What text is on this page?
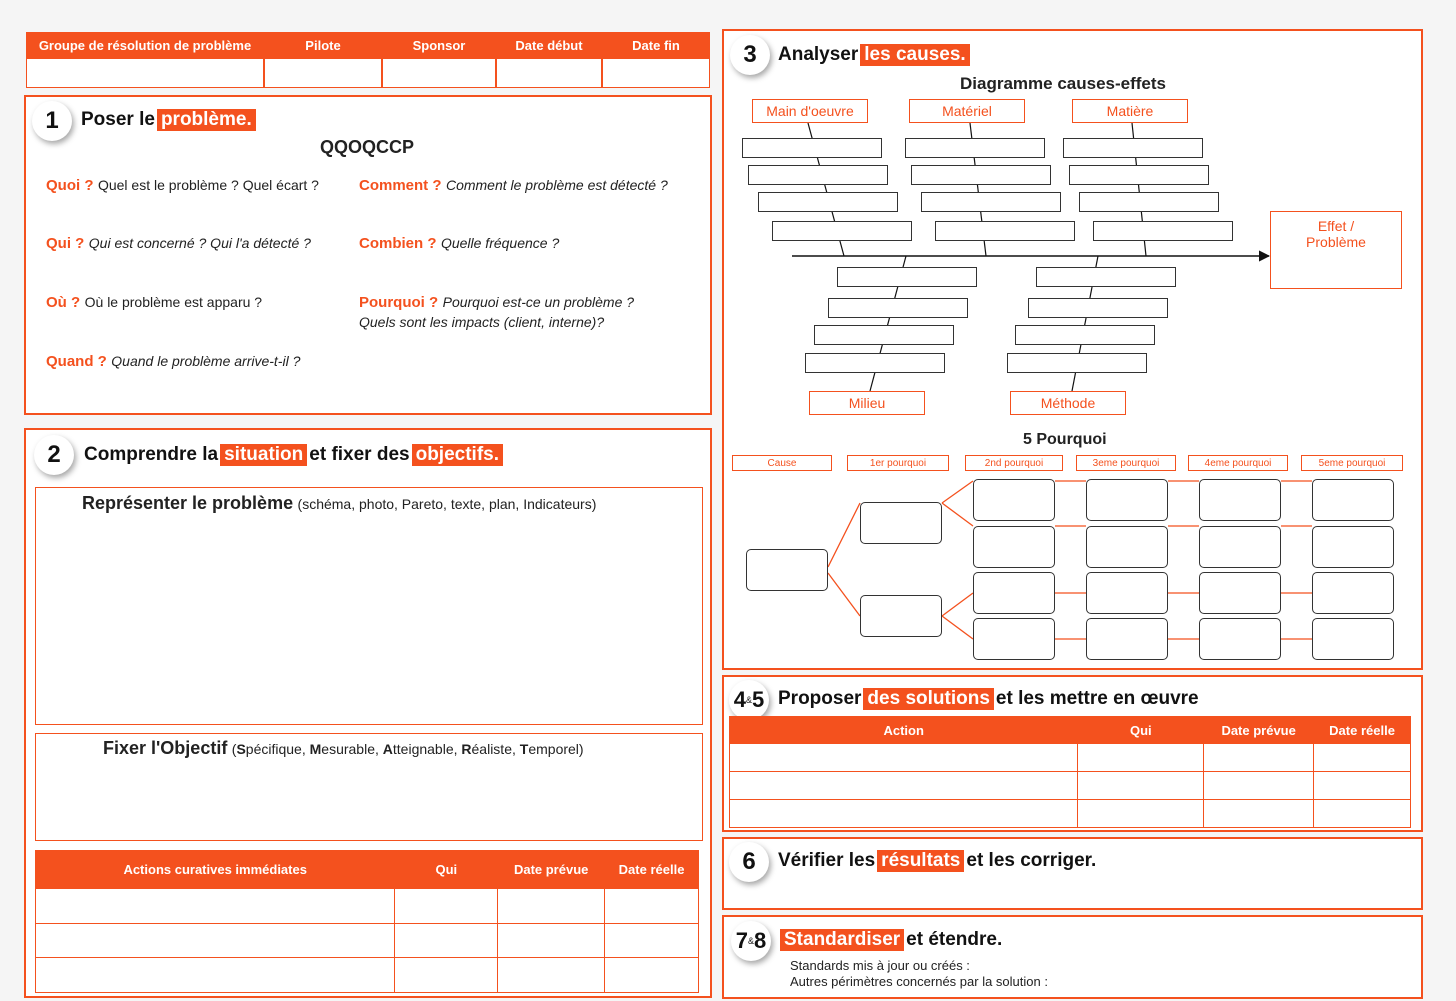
Groupe de résolution de problème	Pilote	Sponsor	Date début	Date fin
1	Poser le problème.
QQOQCCP
Quoi ? Quel est le problème ? Quel écart ?	Comment ? Comment le problème est détecté ?
Qui ? Qui est concerné ? Qui l'a détecté ?	Combien ? Quelle fréquence ?
Où ? Où le problème est apparu ?	Pourquoi ? Pourquoi est-ce un problème ?
Quels sont les impacts (client, interne)?
Quand ? Quand le problème arrive-t-il ?
2	Comprendre la situation et fixer des objectifs.
Représenter le problème (schéma, photo, Pareto, texte, plan, Indicateurs)
Fixer l'Objectif (Spécifique, Mesurable, Atteignable, Réaliste, Temporel)
Actions curatives immédiates	Qui	Date prévue	Date réelle

3	Analyser les causes.
Diagramme causes-effets
Main d'oeuvre	Matériel	Matière
Milieu	Méthode
Effet /
Problème
5 Pourquoi
Cause	1er pourquoi	2nd pourquoi	3eme pourquoi	4eme pourquoi	5eme pourquoi
4 & 5 Proposer des solutions et les mettre en œuvre
Action	Qui	Date prévue	Date réelle

6	Vérifier les résultats et les corriger.
7 & 8 Standardiser et étendre.
Standards mis à jour ou créés :
Autres périmètres concernés par la solution :
